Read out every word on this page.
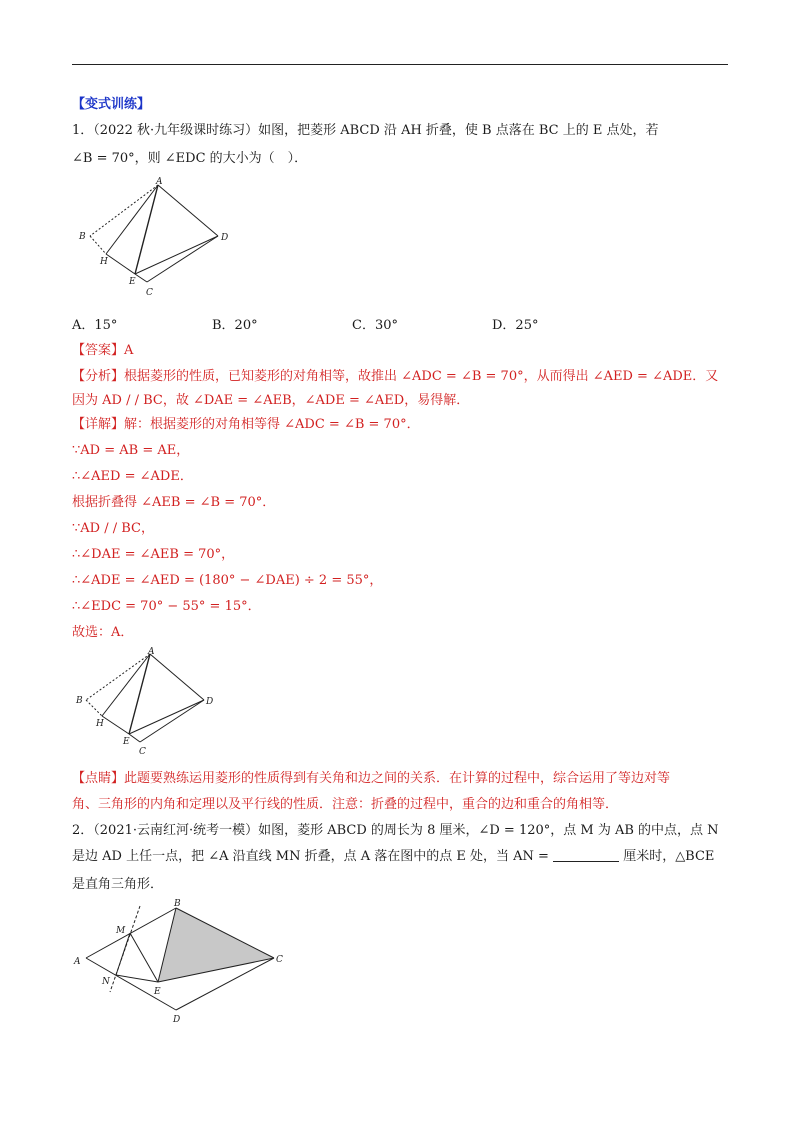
【变式训练】
1．（2022 秋·九年级课时练习）如图，把菱形 ABCD 沿 AH 折叠，使 B 点落在 BC 上的 E 点处，若
∠B = 70°，则 ∠EDC 的大小为（　）．
A
B
H
E
C
D
A．15°	B．20°	C．30°	D．25°
【答案】A
【分析】根据菱形的性质，已知菱形的对角相等，故推出 ∠ADC = ∠B = 70°，从而得出 ∠AED = ∠ADE．又
因为 AD / / BC，故 ∠DAE = ∠AEB，∠ADE = ∠AED，易得解．
【详解】解：根据菱形的对角相等得 ∠ADC = ∠B = 70°．
∵AD = AB = AE，
∴∠AED = ∠ADE．
根据折叠得 ∠AEB = ∠B = 70°．
∵AD / / BC，
∴∠DAE = ∠AEB = 70°，
∴∠ADE = ∠AED = (180° − ∠DAE) ÷ 2 = 55°，
∴∠EDC = 70° − 55° = 15°．
故选：A．
A
B
H
E
C
D
【点睛】此题要熟练运用菱形的性质得到有关角和边之间的关系．在计算的过程中，综合运用了等边对等
角、三角形的内角和定理以及平行线的性质．注意：折叠的过程中，重合的边和重合的角相等．
2．（2021·云南红河·统考一模）如图，菱形 ABCD 的周长为 8 厘米，∠D = 120°，点 M 为 AB 的中点，点 N
是边 AD 上任一点，把 ∠A 沿直线 MN 折叠，点 A 落在图中的点 E 处，当 AN =	厘米时，△BCE
是直角三角形．
M
B
A	C
N
E
D
